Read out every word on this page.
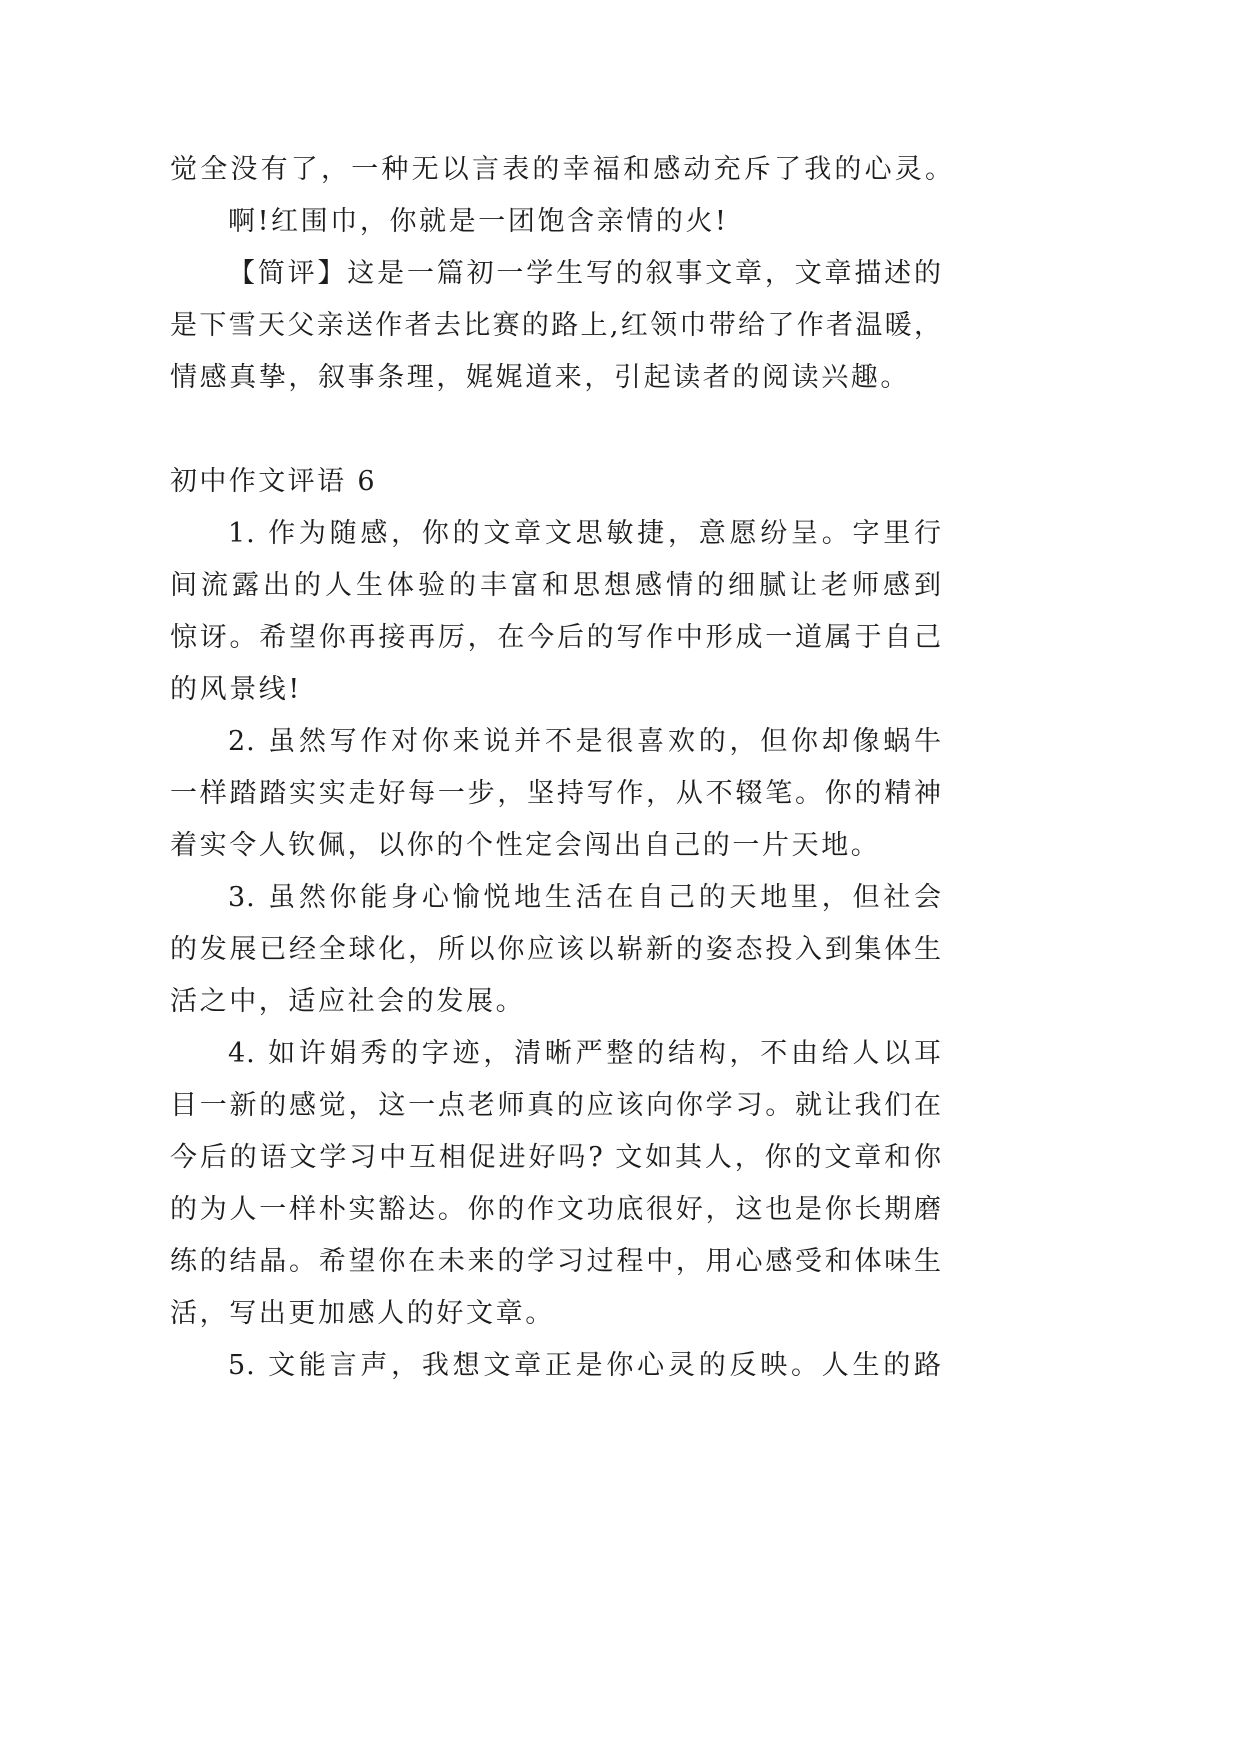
觉全没有了，一种无以言表的幸福和感动充斥了我的心灵。
啊!红围巾，你就是一团饱含亲情的火!
【简评】这是一篇初一学生写的叙事文章，文章描述的
是下雪天父亲送作者去比赛的路上,红领巾带给了作者温暖，
情感真挚，叙事条理，娓娓道来，引起读者的阅读兴趣。
初中作文评语 6
1. 作为随感，你的文章文思敏捷，意愿纷呈。字里行
间流露出的人生体验的丰富和思想感情的细腻让老师感到
惊讶。希望你再接再厉，在今后的写作中形成一道属于自己
的风景线!
2. 虽然写作对你来说并不是很喜欢的，但你却像蜗牛
一样踏踏实实走好每一步，坚持写作，从不辍笔。你的精神
着实令人钦佩，以你的个性定会闯出自己的一片天地。
3. 虽然你能身心愉悦地生活在自己的天地里，但社会
的发展已经全球化，所以你应该以崭新的姿态投入到集体生
活之中，适应社会的发展。
4. 如许娟秀的字迹，清晰严整的结构，不由给人以耳
目一新的感觉，这一点老师真的应该向你学习。就让我们在
今后的语文学习中互相促进好吗? 文如其人，你的文章和你
的为人一样朴实豁达。你的作文功底很好，这也是你长期磨
练的结晶。希望你在未来的学习过程中，用心感受和体味生
活，写出更加感人的好文章。
5. 文能言声，我想文章正是你心灵的反映。人生的路
